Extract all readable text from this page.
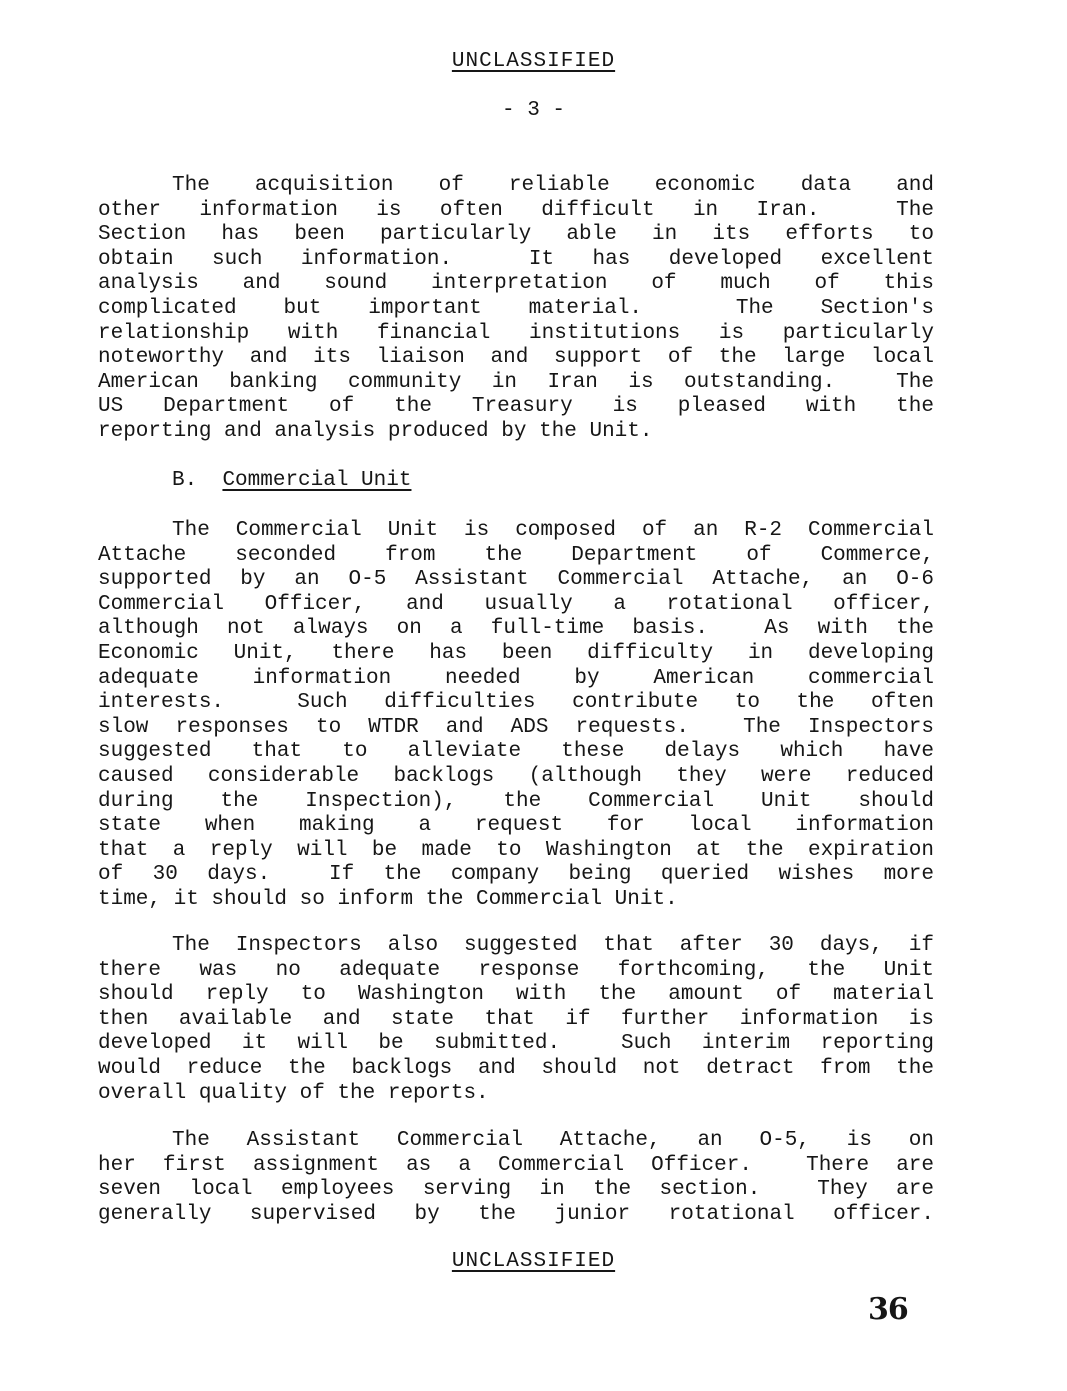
UNCLASSIFIED
- 3 -
The acquisition of reliable economic data and
other information is often difficult in Iran.  The
Section has been particularly able in its efforts to
obtain such information.  It has developed excellent
analysis and sound interpretation of much of this
complicated but important material.  The Section's
relationship with financial institutions is particularly
noteworthy and its liaison and support of the large local
American banking community in Iran is outstanding.  The
US Department of the Treasury is pleased with the
reporting and analysis produced by the Unit.
B. Commercial Unit
The Commercial Unit is composed of an R-2 Commercial
Attache seconded from the Department of Commerce,
supported by an O-5 Assistant Commercial Attache, an O-6
Commercial Officer, and usually a rotational officer,
although not always on a full-time basis.  As with the
Economic Unit, there has been difficulty in developing
adequate information needed by American commercial
interests.  Such difficulties contribute to the often
slow responses to WTDR and ADS requests.  The Inspectors
suggested that to alleviate these delays which have
caused considerable backlogs (although they were reduced
during the Inspection), the Commercial Unit should
state when making a request for local information
that a reply will be made to Washington at the expiration
of 30 days.  If the company being queried wishes more
time, it should so inform the Commercial Unit.
The Inspectors also suggested that after 30 days, if
there was no adequate response forthcoming, the Unit
should reply to Washington with the amount of material
then available and state that if further information is
developed it will be submitted.  Such interim reporting
would reduce the backlogs and should not detract from the
overall quality of the reports.
The Assistant Commercial Attache, an O-5, is on
her first assignment as a Commercial Officer.  There are
seven local employees serving in the section.  They are
generally supervised by the junior rotational officer.
UNCLASSIFIED
36
